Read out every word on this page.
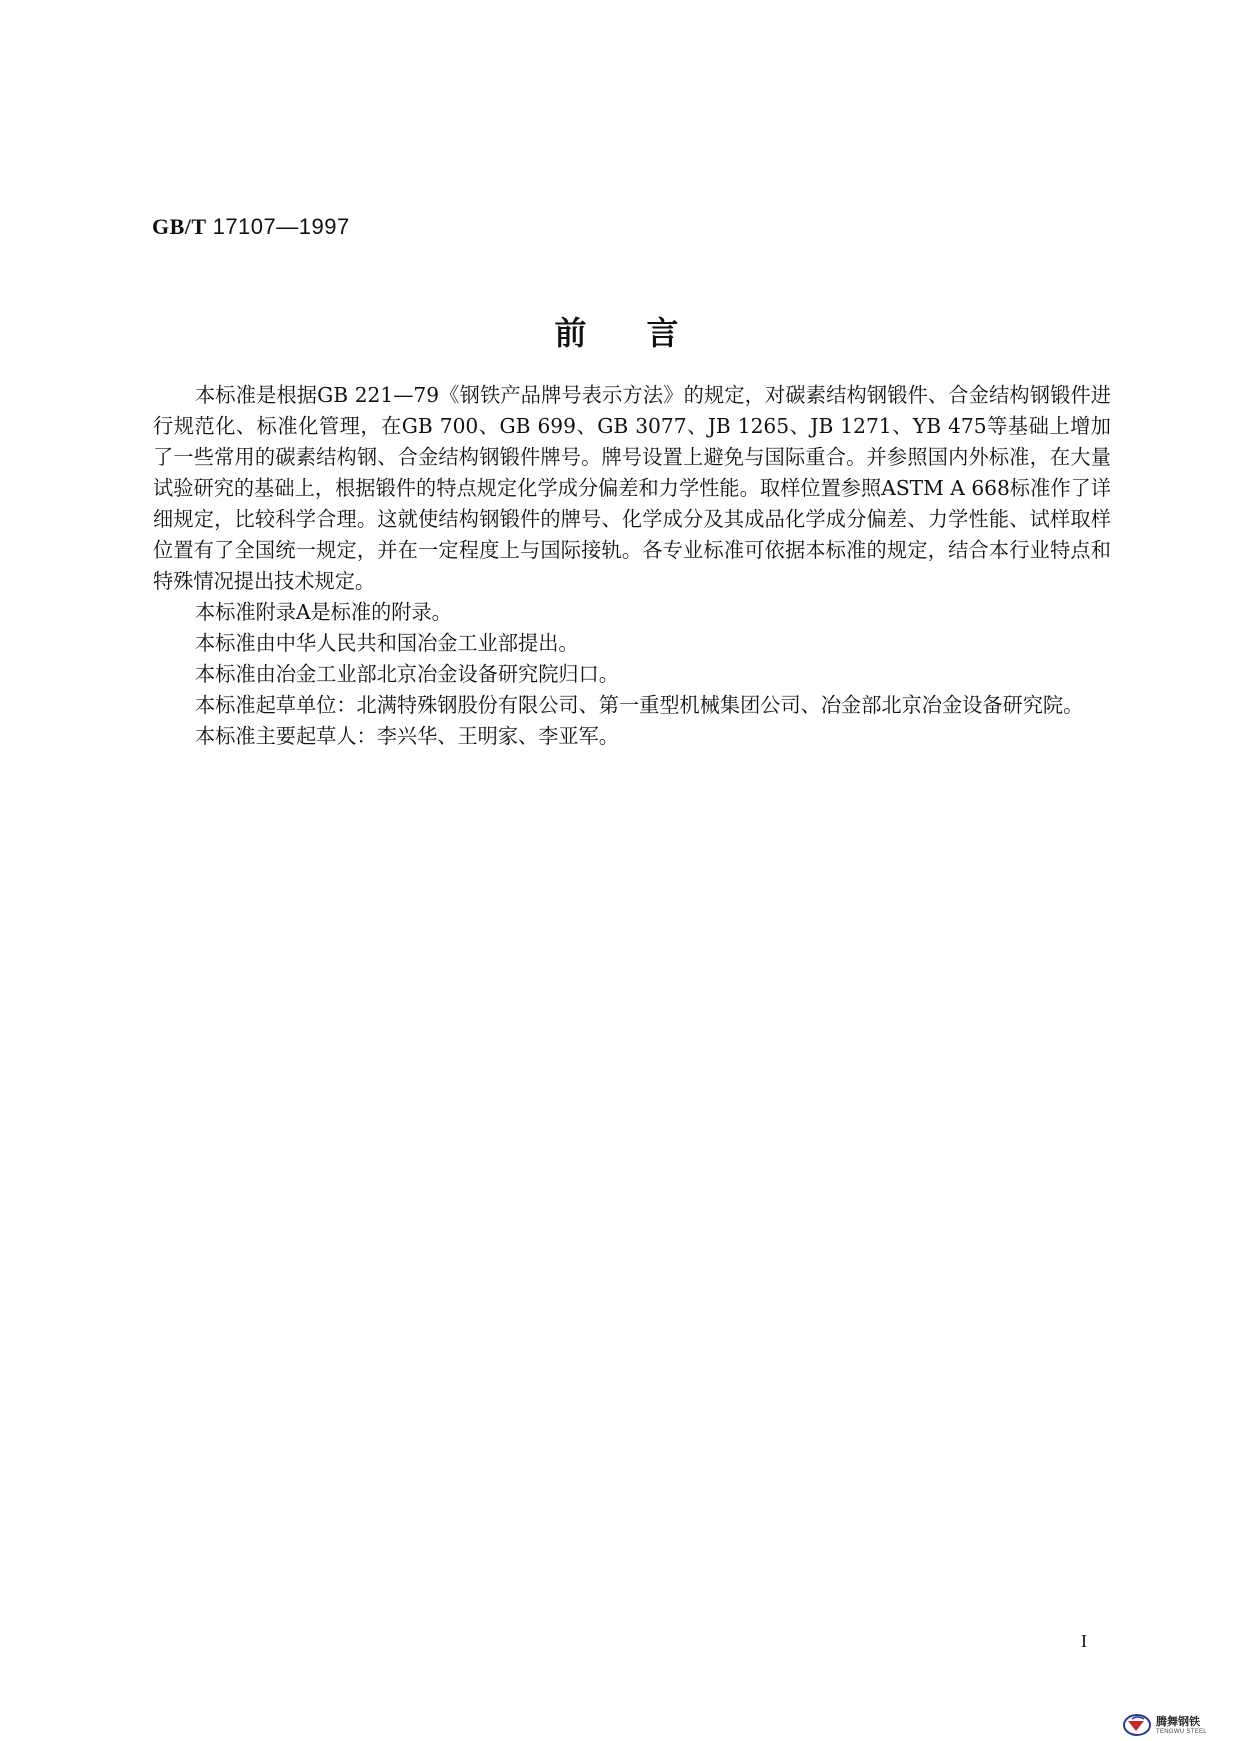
GB/T 17107—1997
前 言

本标准是根据GB 221—79《钢铁产品牌号表示方法》的规定，对碳素结构钢锻件、合金结构钢锻件进行规范化、标准化管理，在GB 700、GB 699、GB 3077、JB 1265、JB 1271、YB 475等基础上增加了一些常用的碳素结构钢、合金结构钢锻件牌号。牌号设置上避免与国际重合。并参照国内外标准，在大量试验研究的基础上，根据锻件的特点规定化学成分偏差和力学性能。取样位置参照ASTM A 668标准作了详细规定，比较科学合理。这就使结构钢锻件的牌号、化学成分及其成品化学成分偏差、力学性能、试样取样位置有了全国统一规定，并在一定程度上与国际接轨。各专业标准可依据本标准的规定，结合本行业特点和特殊情况提出技术规定。

本标准附录A是标准的附录。

本标准由中华人民共和国冶金工业部提出。

本标准由冶金工业部北京冶金设备研究院归口。

本标准起草单位：北满特殊钢股份有限公司、第一重型机械集团公司、冶金部北京冶金设备研究院。

本标准主要起草人：李兴华、王明家、李亚军。

I
腾舞钢铁
TENGWU STEEL
